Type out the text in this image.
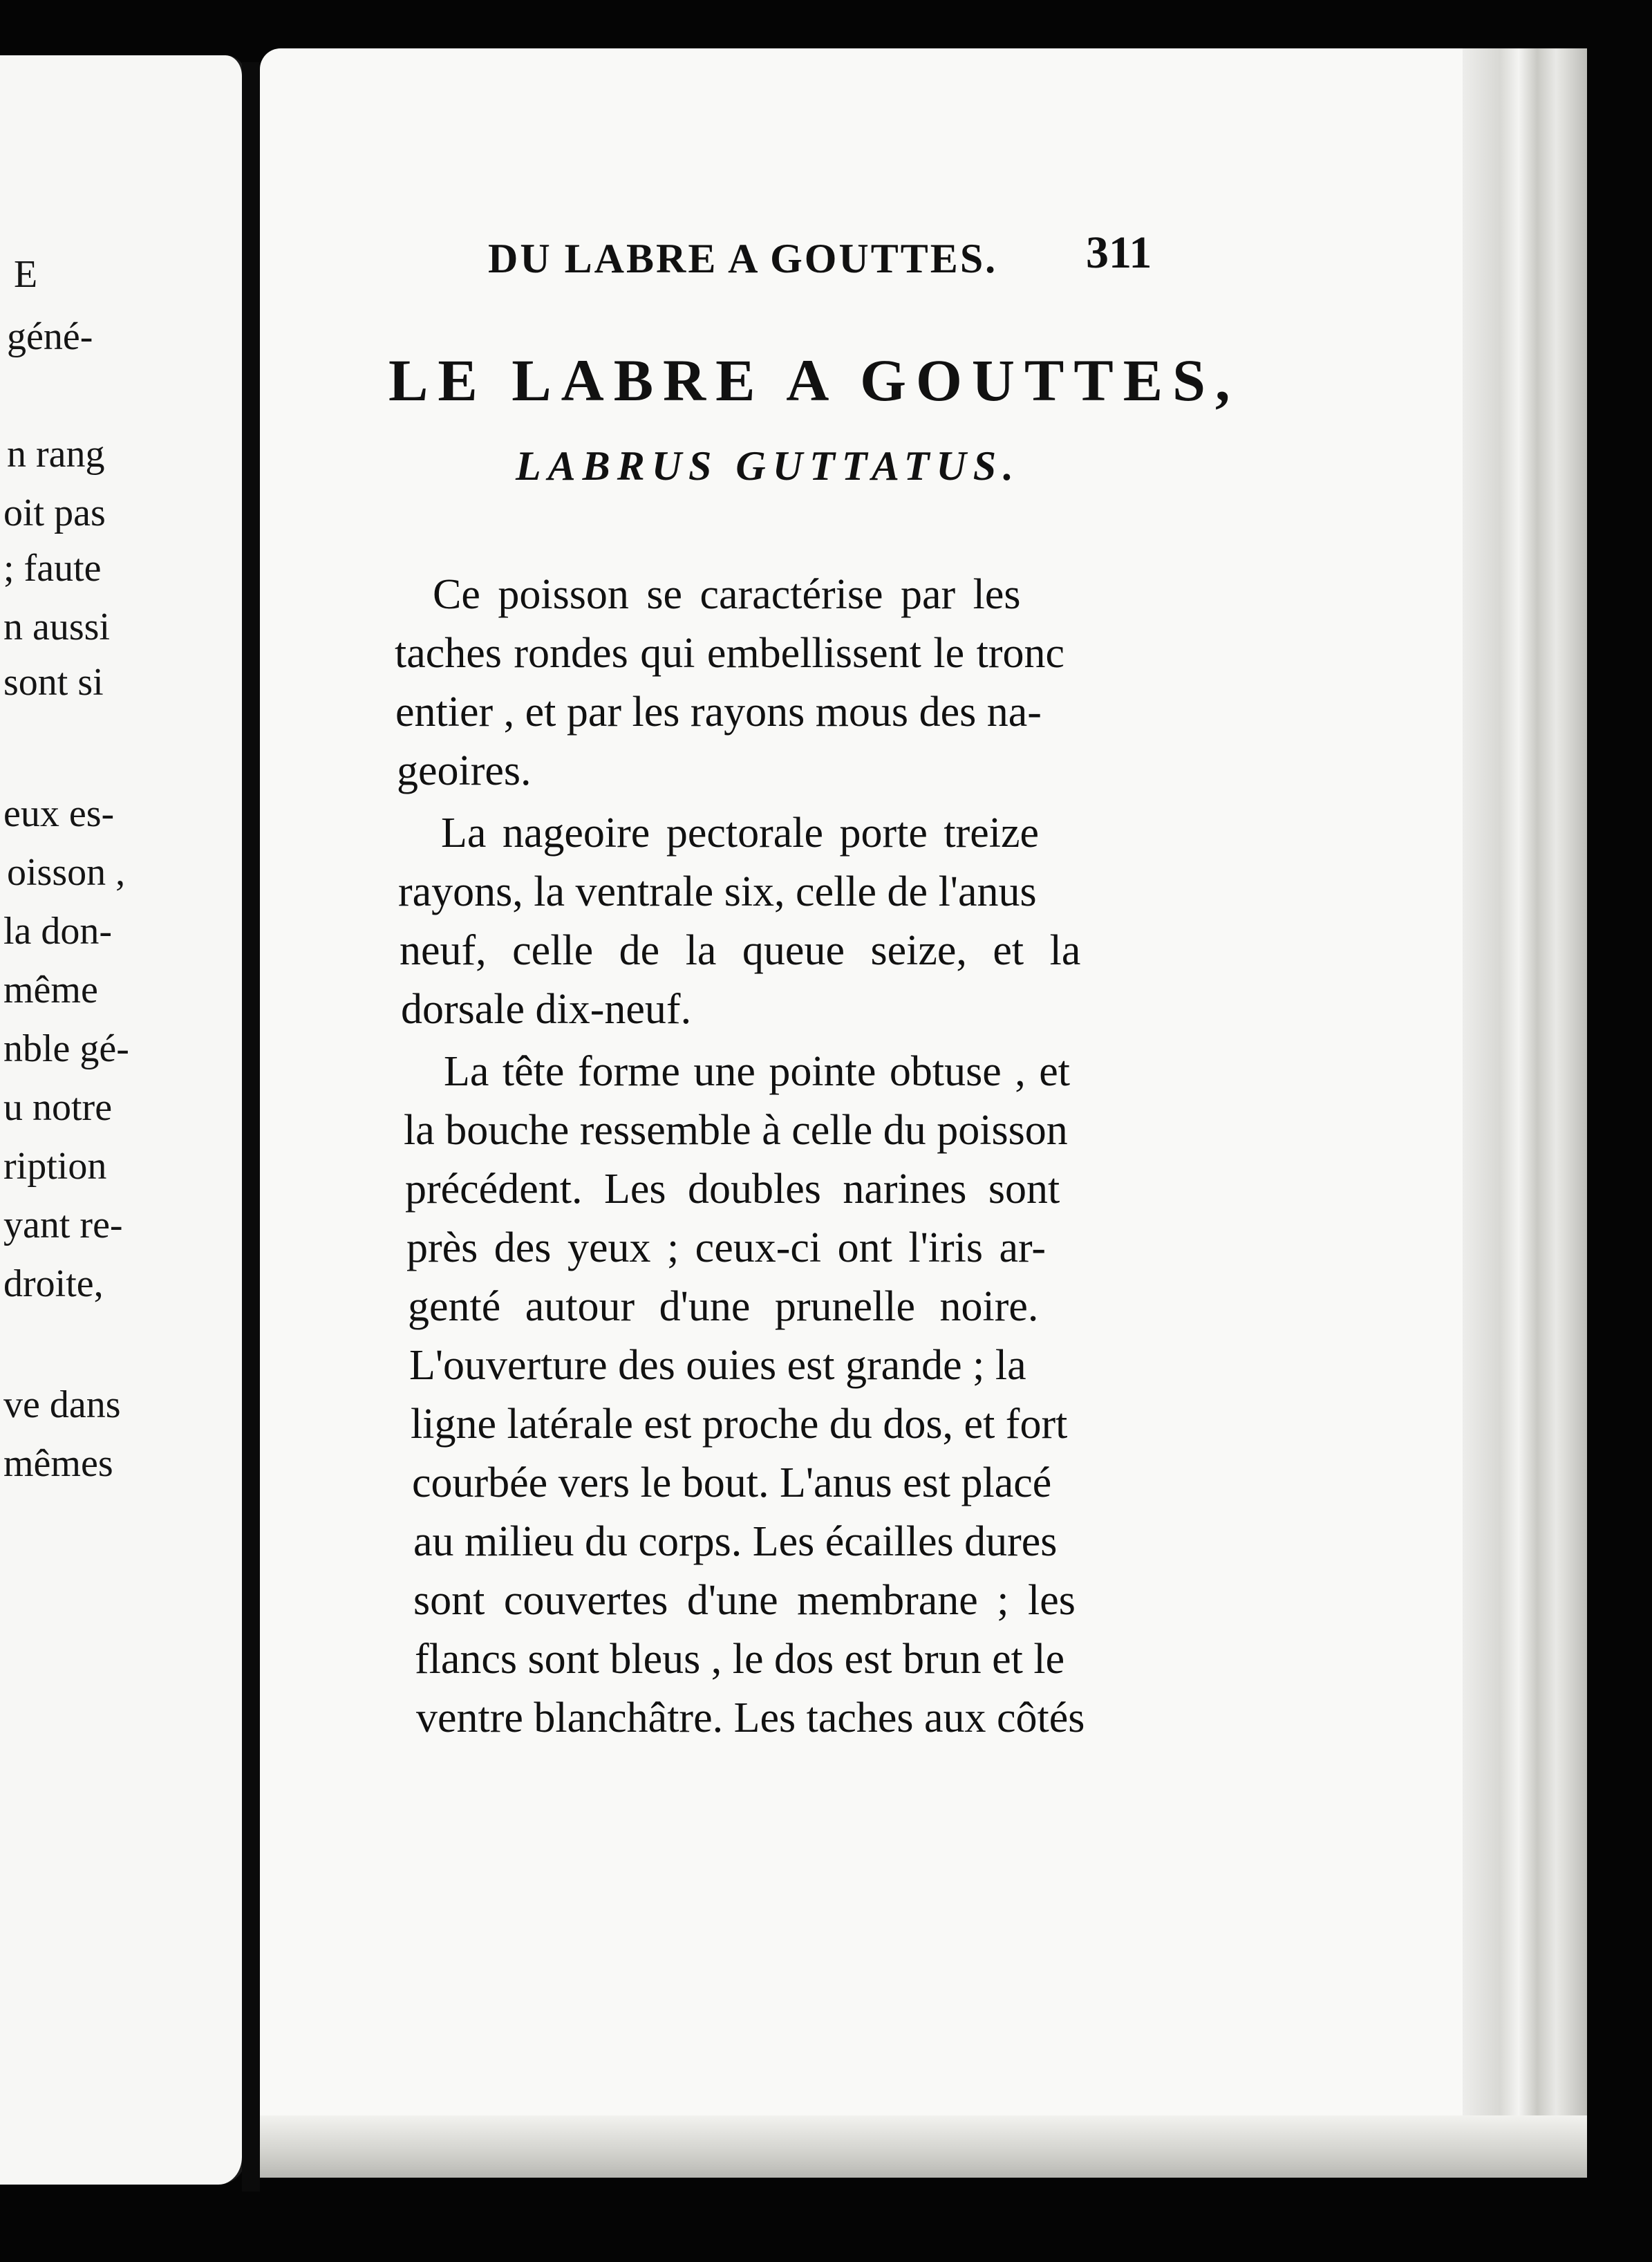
E
géné-
n rang
oit pas
; faute
n aussi
sont si
eux es-
oisson ,
la don-
même
nble gé-
u notre
ription
yant re-
droite,
ve dans
mêmes
DU LABRE A GOUTTES. 311
LE LABRE A GOUTTES,
LABRUS GUTTATUS.
Ce poisson se caractérise par les
taches rondes qui embellissent le tronc
entier , et par les rayons mous des na-
geoires.
La nageoire pectorale porte treize
rayons, la ventrale six, celle de l'anus
neuf, celle de la queue seize, et la
dorsale dix-neuf.
La tête forme une pointe obtuse , et
la bouche ressemble à celle du poisson
précédent. Les doubles narines sont
près des yeux ; ceux-ci ont l'iris ar-
genté autour d'une prunelle noire.
L'ouverture des ouies est grande ; la
ligne latérale est proche du dos, et fort
courbée vers le bout. L'anus est placé
au milieu du corps. Les écailles dures
sont couvertes d'une membrane ; les
flancs sont bleus , le dos est brun et le
ventre blanchâtre. Les taches aux côtés
